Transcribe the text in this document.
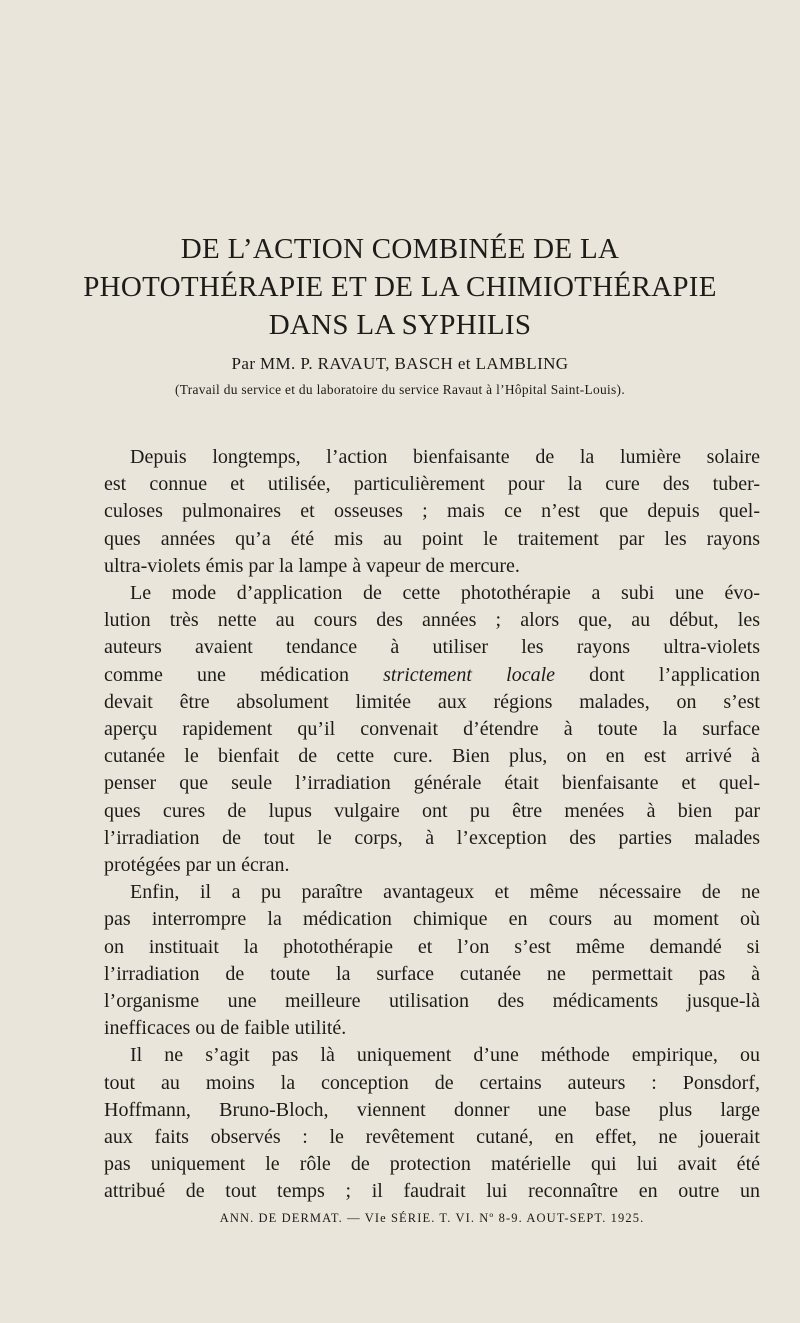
DE L’ACTION COMBINÉE DE LA
PHOTOTHÉRAPIE ET DE LA CHIMIOTHÉRAPIE
DANS LA SYPHILIS
Par MM. P. RAVAUT, BASCH et LAMBLING
(Travail du service et du laboratoire du service Ravaut à l’Hôpital Saint-Louis).

Depuis longtemps, l’action bienfaisante de la lumière solaire
est connue et utilisée, particulièrement pour la cure des tuber-
culoses pulmonaires et osseuses ; mais ce n’est que depuis quel-
ques années qu’a été mis au point le traitement par les rayons
ultra-violets émis par la lampe à vapeur de mercure.

Le mode d’application de cette photothérapie a subi une évo-
lution très nette au cours des années ; alors que, au début, les
auteurs avaient tendance à utiliser les rayons ultra-violets
comme une médication strictement locale dont l’application
devait être absolument limitée aux régions malades, on s’est
aperçu rapidement qu’il convenait d’étendre à toute la surface
cutanée le bienfait de cette cure. Bien plus, on en est arrivé à
penser que seule l’irradiation générale était bienfaisante et quel-
ques cures de lupus vulgaire ont pu être menées à bien par
l’irradiation de tout le corps, à l’exception des parties malades
protégées par un écran.

Enfin, il a pu paraître avantageux et même nécessaire de ne
pas interrompre la médication chimique en cours au moment où
on instituait la photothérapie et l’on s’est même demandé si
l’irradiation de toute la surface cutanée ne permettait pas à
l’organisme une meilleure utilisation des médicaments jusque-là
inefficaces ou de faible utilité.

Il ne s’agit pas là uniquement d’une méthode empirique, ou
tout au moins la conception de certains auteurs : Ponsdorf,
Hoffmann, Bruno-Bloch, viennent donner une base plus large
aux faits observés : le revêtement cutané, en effet, ne jouerait
pas uniquement le rôle de protection matérielle qui lui avait été
attribué de tout temps ; il faudrait lui reconnaître en outre un

ANN. DE DERMAT. — VIe SÉRIE. T. VI. Nº 8-9. AOUT-SEPT. 1925.
